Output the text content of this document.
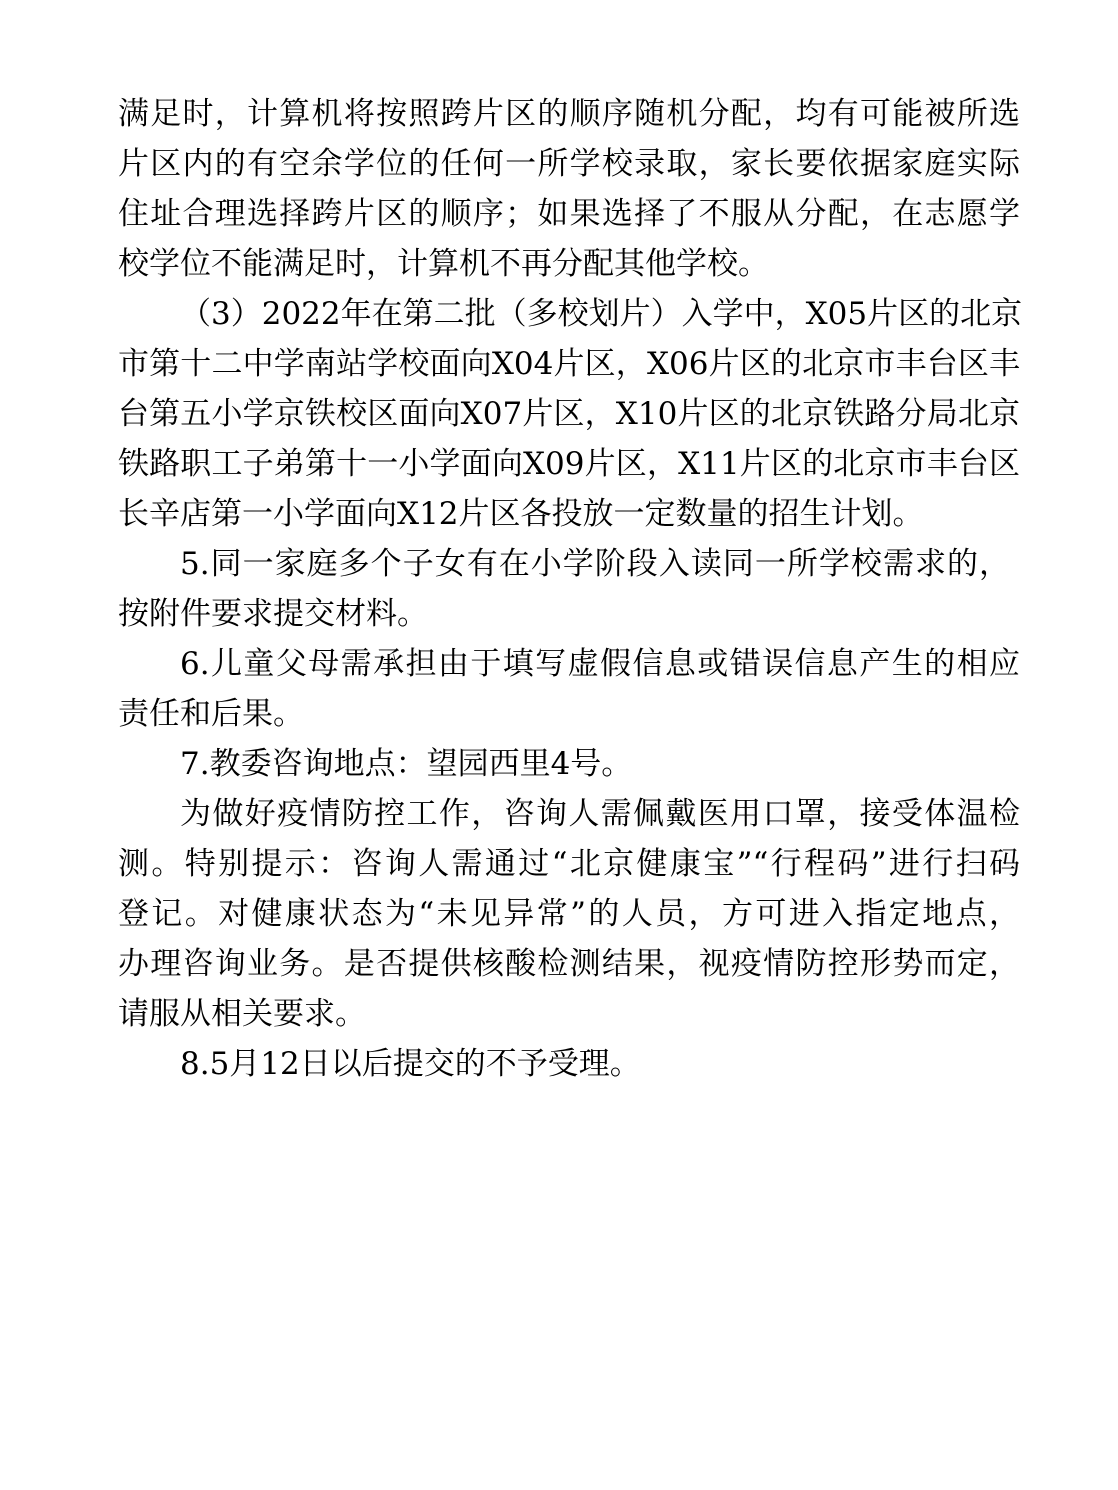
满足时，计算机将按照跨片区的顺序随机分配，均有可能被所选
片区内的有空余学位的任何一所学校录取，家长要依据家庭实际
住址合理选择跨片区的顺序；如果选择了不服从分配，在志愿学
校学位不能满足时，计算机不再分配其他学校。
（3）2022年在第二批（多校划片）入学中，X05片区的北京
市第十二中学南站学校面向X04片区，X06片区的北京市丰台区丰
台第五小学京铁校区面向X07片区，X10片区的北京铁路分局北京
铁路职工子弟第十一小学面向X09片区，X11片区的北京市丰台区
长辛店第一小学面向X12片区各投放一定数量的招生计划。
5.同一家庭多个子女有在小学阶段入读同一所学校需求的，
按附件要求提交材料。
6.儿童父母需承担由于填写虚假信息或错误信息产生的相应
责任和后果。
7.教委咨询地点：望园西里4号。
为做好疫情防控工作，咨询人需佩戴医用口罩，接受体温检
测。特别提示：咨询人需通过“北京健康宝”“行程码”进行扫码
登记。对健康状态为“未见异常”的人员，方可进入指定地点，
办理咨询业务。是否提供核酸检测结果，视疫情防控形势而定，
请服从相关要求。
8.5月12日以后提交的不予受理。
